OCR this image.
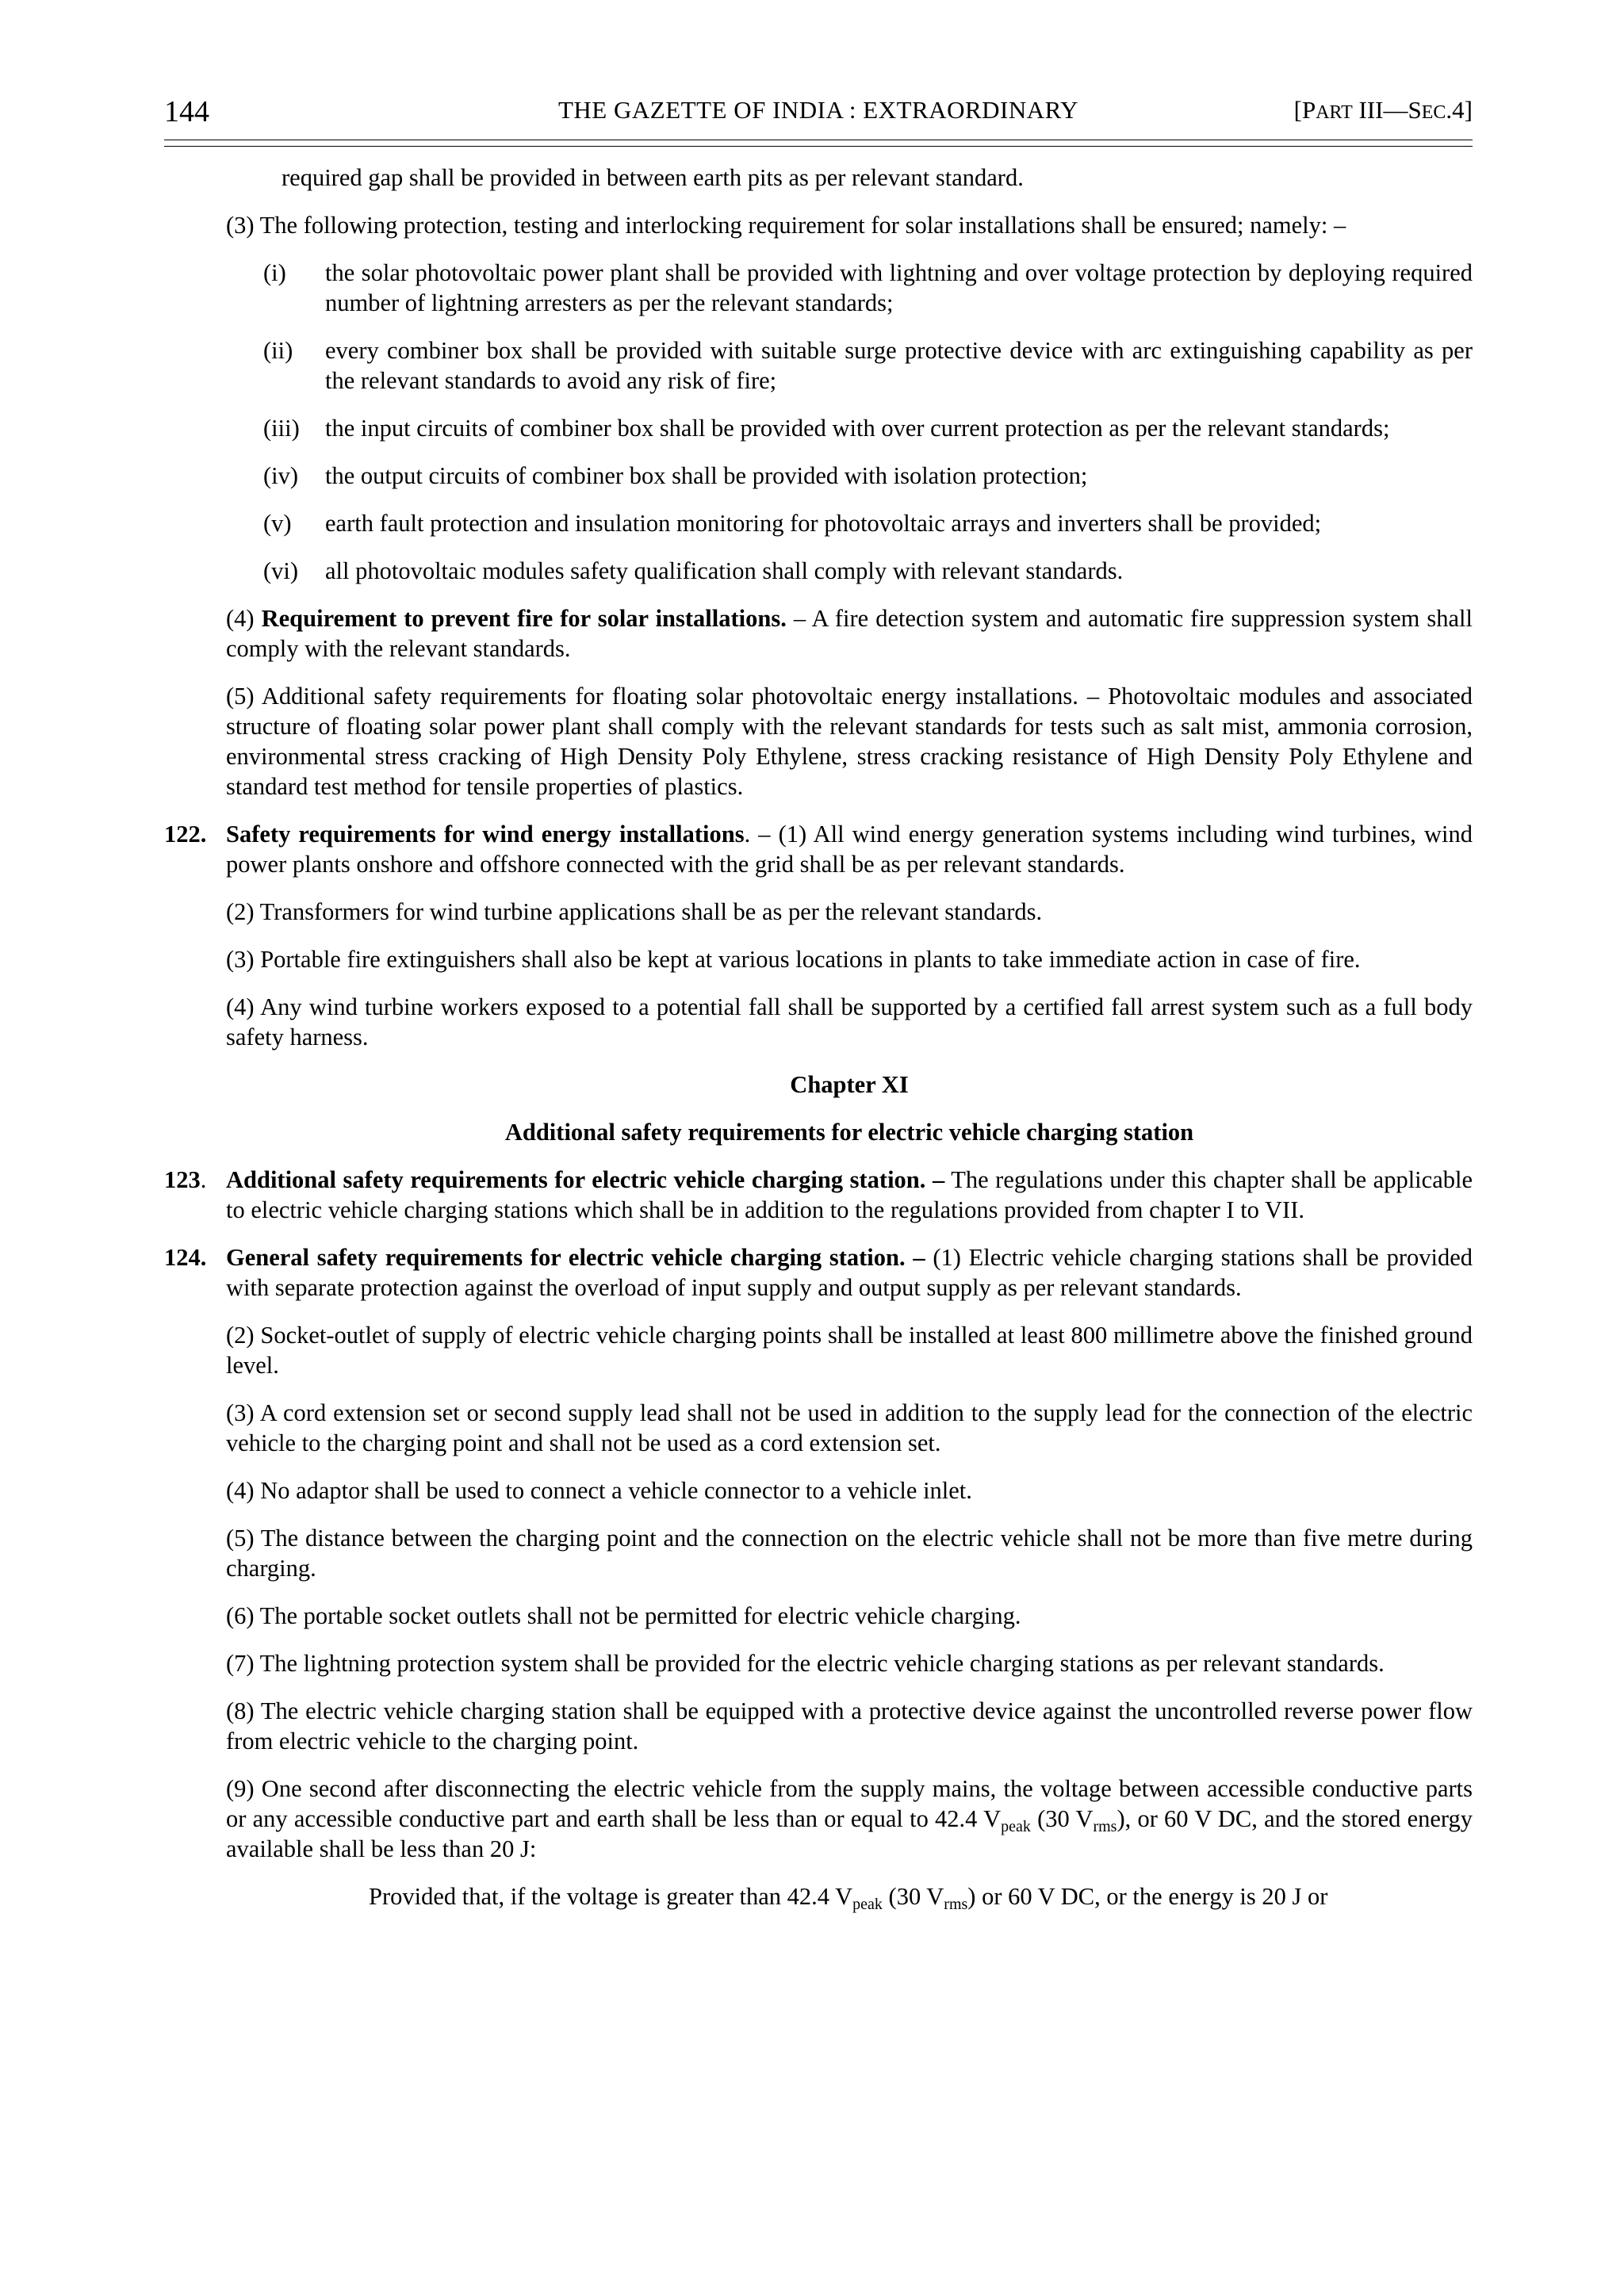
144	THE GAZETTE OF INDIA : EXTRAORDINARY	[PART III—SEC.4]

required gap shall be provided in between earth pits as per relevant standard.

(3) The following protection, testing and interlocking requirement for solar installations shall be ensured; namely: –

(i) the solar photovoltaic power plant shall be provided with lightning and over voltage protection by deploying required number of lightning arresters as per the relevant standards;
(ii) every combiner box shall be provided with suitable surge protective device with arc extinguishing capability as per the relevant standards to avoid any risk of fire;
(iii) the input circuits of combiner box shall be provided with over current protection as per the relevant standards;
(iv) the output circuits of combiner box shall be provided with isolation protection;
(v) earth fault protection and insulation monitoring for photovoltaic arrays and inverters shall be provided;
(vi) all photovoltaic modules safety qualification shall comply with relevant standards.

(4) Requirement to prevent fire for solar installations. – A fire detection system and automatic fire suppression system shall comply with the relevant standards.

(5) Additional safety requirements for floating solar photovoltaic energy installations. – Photovoltaic modules and associated structure of floating solar power plant shall comply with the relevant standards for tests such as salt mist, ammonia corrosion, environmental stress cracking of High Density Poly Ethylene, stress cracking resistance of High Density Poly Ethylene and standard test method for tensile properties of plastics.

122. Safety requirements for wind energy installations. – (1) All wind energy generation systems including wind turbines, wind power plants onshore and offshore connected with the grid shall be as per relevant standards.

(2) Transformers for wind turbine applications shall be as per the relevant standards.

(3) Portable fire extinguishers shall also be kept at various locations in plants to take immediate action in case of fire.

(4) Any wind turbine workers exposed to a potential fall shall be supported by a certified fall arrest system such as a full body safety harness.

Chapter XI
Additional safety requirements for electric vehicle charging station
123. Additional safety requirements for electric vehicle charging station. – The regulations under this chapter shall be applicable to electric vehicle charging stations which shall be in addition to the regulations provided from chapter I to VII.
124. General safety requirements for electric vehicle charging station. – (1) Electric vehicle charging stations shall be provided with separate protection against the overload of input supply and output supply as per relevant standards.

(2) Socket-outlet of supply of electric vehicle charging points shall be installed at least 800 millimetre above the finished ground level.

(3) A cord extension set or second supply lead shall not be used in addition to the supply lead for the connection of the electric vehicle to the charging point and shall not be used as a cord extension set.

(4) No adaptor shall be used to connect a vehicle connector to a vehicle inlet.

(5) The distance between the charging point and the connection on the electric vehicle shall not be more than five metre during charging.

(6) The portable socket outlets shall not be permitted for electric vehicle charging.

(7) The lightning protection system shall be provided for the electric vehicle charging stations as per relevant standards.

(8) The electric vehicle charging station shall be equipped with a protective device against the uncontrolled reverse power flow from electric vehicle to the charging point.

(9) One second after disconnecting the electric vehicle from the supply mains, the voltage between accessible conductive parts or any accessible conductive part and earth shall be less than or equal to 42.4 $V_{peak}$ (30 $V_{rms}$), or 60 V DC, and the stored energy available shall be less than 20 J:

Provided that, if the voltage is greater than 42.4 $V_{peak}$ (30 $V_{rms}$) or 60 V DC, or the energy is 20 J or
